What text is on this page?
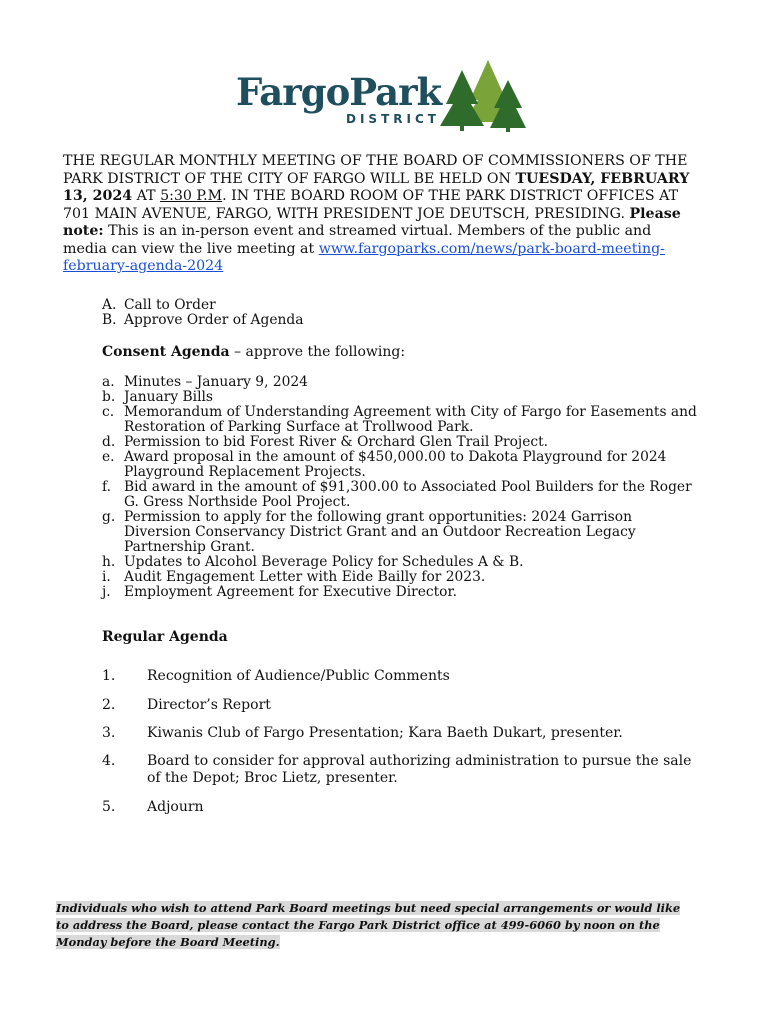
FargoPark
DISTRICT
THE REGULAR MONTHLY MEETING OF THE BOARD OF COMMISSIONERS OF THE PARK DISTRICT OF THE CITY OF FARGO WILL BE HELD ON TUESDAY, FEBRUARY 13, 2024 AT 5:30 P.M. IN THE BOARD ROOM OF THE PARK DISTRICT OFFICES AT 701 MAIN AVENUE, FARGO, WITH PRESIDENT JOE DEUTSCH, PRESIDING. Please note: This is an in-person event and streamed virtual. Members of the public and media can view the live meeting at www.fargoparks.com/news/park-board-meeting-february-agenda-2024
A. Call to Order
B. Approve Order of Agenda
Consent Agenda – approve the following:
a. Minutes – January 9, 2024
b. January Bills
c. Memorandum of Understanding Agreement with City of Fargo for Easements and Restoration of Parking Surface at Trollwood Park.
d. Permission to bid Forest River & Orchard Glen Trail Project.
e. Award proposal in the amount of $450,000.00 to Dakota Playground for 2024 Playground Replacement Projects.
f. Bid award in the amount of $91,300.00 to Associated Pool Builders for the Roger G. Gress Northside Pool Project.
g. Permission to apply for the following grant opportunities: 2024 Garrison Diversion Conservancy District Grant and an Outdoor Recreation Legacy Partnership Grant.
h. Updates to Alcohol Beverage Policy for Schedules A & B.
i. Audit Engagement Letter with Eide Bailly for 2023.
j. Employment Agreement for Executive Director.
Regular Agenda
1.	Recognition of Audience/Public Comments
2.	Director’s Report
3.	Kiwanis Club of Fargo Presentation; Kara Baeth Dukart, presenter.
4.	Board to consider for approval authorizing administration to pursue the sale of the Depot; Broc Lietz, presenter.
5.	Adjourn
Individuals who wish to attend Park Board meetings but need special arrangements or would like to address the Board, please contact the Fargo Park District office at 499-6060 by noon on the Monday before the Board Meeting.
